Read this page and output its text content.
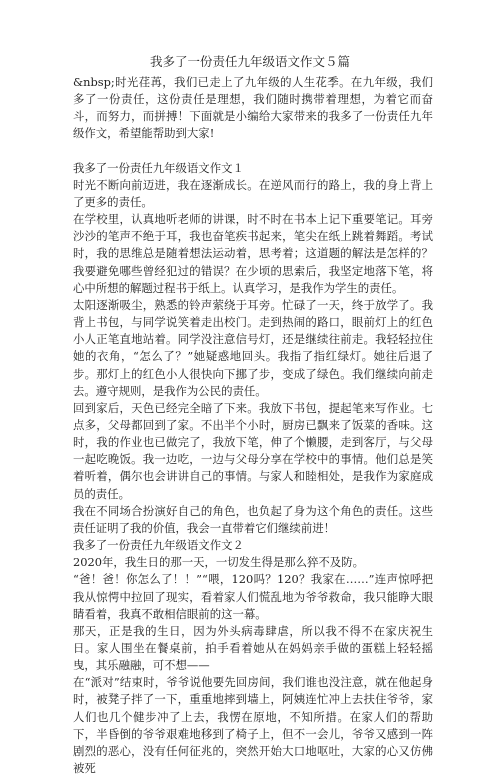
我多了一份责任九年级语文作文５篇

&nbsp;时光荏苒，我们已走上了九年级的人生花季。在九年级，我们多了一份责任，这份责任是理想，我们随时携带着理想，为着它而奋斗，而努力，而拼搏！下面就是小编给大家带来的我多了一份责任九年级作文，希望能帮助到大家!

我多了一份责任九年级语文作文１

时光不断向前迈进，我在逐渐成长。在逆风而行的路上，我的身上背上了更多的责任。

在学校里，认真地听老师的讲课，时不时在书本上记下重要笔记。耳旁沙沙的笔声不绝于耳，我也奋笔疾书起来，笔尖在纸上跳着舞蹈。考试时，我的思维总是随着想法运动着，思考着；这道题的解法是怎样的？我要避免哪些曾经犯过的错误？在少顷的思索后，我坚定地落下笔，将心中所想的解题过程书于纸上。认真学习，是我作为学生的责任。

太阳逐渐吸尘，熟悉的铃声萦绕于耳旁。忙碌了一天，终于放学了。我背上书包，与同学说笑着走出校门。走到热闹的路口，眼前灯上的红色小人正笔直地站着。同学没注意信号灯，还是继续往前走。我轻轻拉住她的衣角，“怎么了？”她疑惑地回头。我指了指红绿灯。她往后退了步。那灯上的红色小人很快向下挪了步，变成了绿色。我们继续向前走去。遵守规则，是我作为公民的责任。

回到家后，天色已经完全暗了下来。我放下书包，提起笔来写作业。七点多，父母都回到了家。不出半个小时，厨房已飘来了饭菜的香味。这时，我的作业也已做完了，我放下笔，伸了个懒腰，走到客厅，与父母一起吃晚饭。我一边吃，一边与父母分享在学校中的事情。他们总是笑着听着，偶尔也会讲讲自己的事情。与家人和睦相处，是我作为家庭成员的责任。

我在不同场合扮演好自己的角色，也负起了身为这个角色的责任。这些责任证明了我的价值，我会一直带着它们继续前进！

我多了一份责任九年级语文作文２

2020年，我生日的那一天，一切发生得是那么猝不及防。

“爸！爸！你怎么了！！”“喂，120吗？120？我家在……”连声惊呼把我从惊愕中拉回了现实，看着家人们慌乱地为爷爷救命，我只能睁大眼睛看着，我真不敢相信眼前的这一幕。

那天，正是我的生日，因为外头病毒肆虐，所以我不得不在家庆祝生日。家人围坐在餐桌前，拍手看着她从在妈妈亲手做的蛋糕上轻轻摇曳，其乐融融，可不想——

在“派对”结束时，爷爷说他要先回房间，我们谁也没注意，就在他起身时，被凳子拌了一下，重重地摔到墙上，阿姨连忙冲上去扶住爷爷，家人们也几个健步冲了上去，我愣在原地，不知所措。在家人们的帮助下，半昏倒的爷爷艰难地移到了椅子上，但不一会儿，爷爷又感到一阵剧烈的恶心，没有任何征兆的，突然开始大口地呕吐，大家的心又仿佛被死
